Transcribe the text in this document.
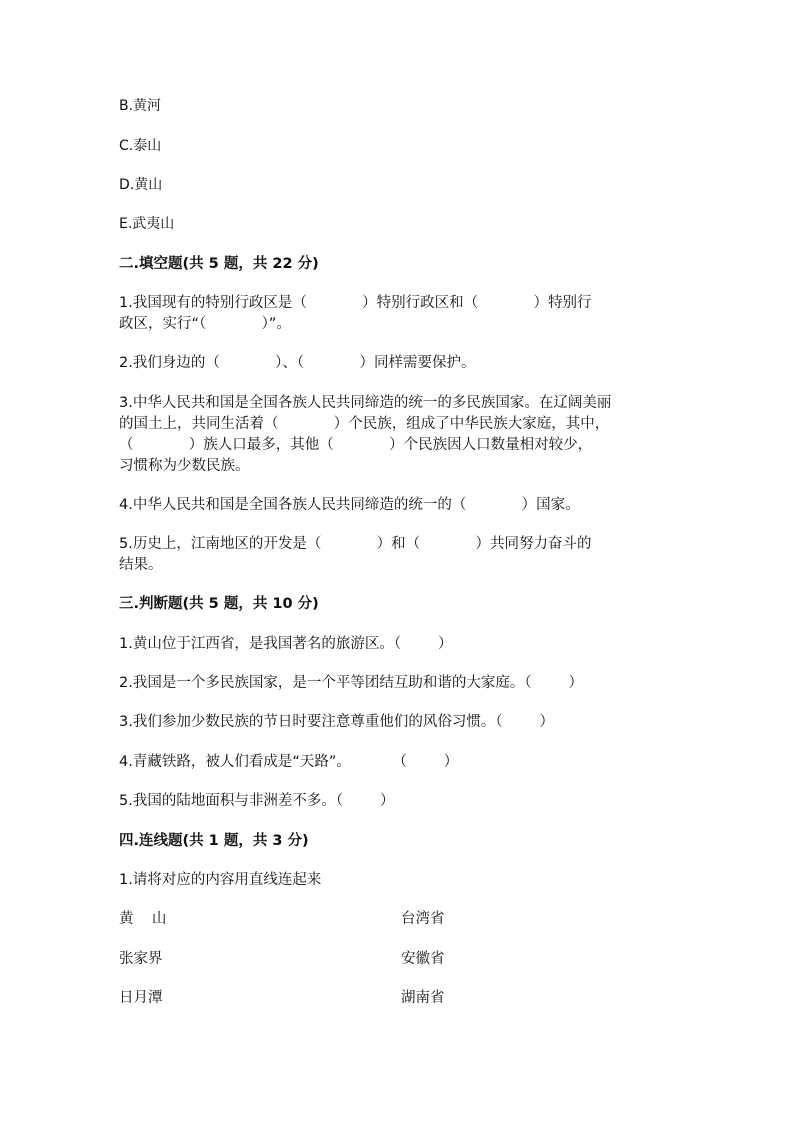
B.黄河
C.泰山
D.黄山
E.武夷山
二.填空题(共 5 题，共 22 分)
1.我国现有的特别行政区是（            ）特别行政区和（            ）特别行
政区，实行“（            ）”。
2.我们身边的（            ）、（            ）同样需要保护。
3.中华人民共和国是全国各族人民共同缔造的统一的多民族国家。在辽阔美丽
的国土上，共同生活着（            ）个民族，组成了中华民族大家庭，其中，
（            ）族人口最多，其他（            ）个民族因人口数量相对较少，
习惯称为少数民族。
4.中华人民共和国是全国各族人民共同缔造的统一的（            ）国家。
5.历史上，江南地区的开发是（            ）和（            ）共同努力奋斗的
结果。
三.判断题(共 5 题，共 10 分)
1.黄山位于江西省，是我国著名的旅游区。（        ）
2.我国是一个多民族国家，是一个平等团结互助和谐的大家庭。（        ）
3.我们参加少数民族的节日时要注意尊重他们的风俗习惯。（        ）
4.青藏铁路，被人们看成是“天路”。         （        ）
5.我国的陆地面积与非洲差不多。（        ）
四.连线题(共 1 题，共 3 分)
1.请将对应的内容用直线连起来
黄    山	台湾省
张家界	安徽省
日月潭	湖南省
